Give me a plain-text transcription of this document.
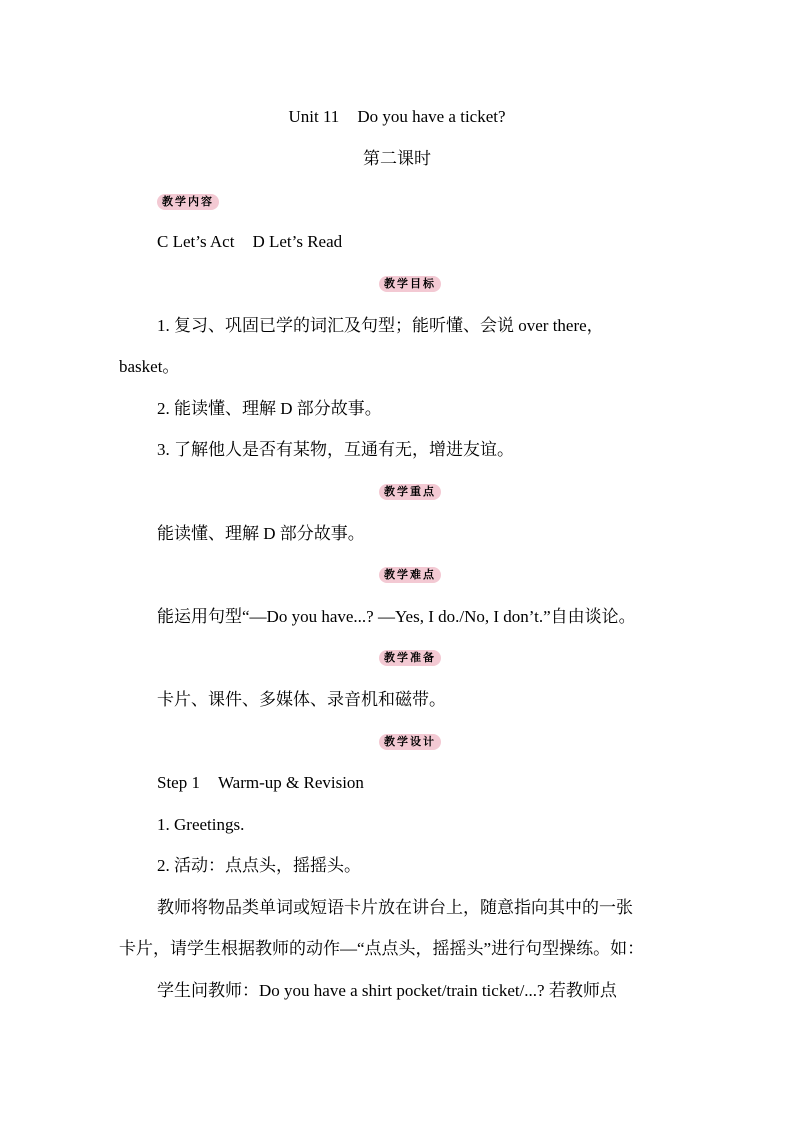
Unit 11 Do you have a ticket?
第二课时
教学内容
C Let’s Act D Let’s Read
教学目标
1. 复习、巩固已学的词汇及句型；能听懂、会说 over there，
basket。
2. 能读懂、理解 D 部分故事。
3. 了解他人是否有某物，互通有无，增进友谊。
教学重点
能读懂、理解 D 部分故事。
教学难点
能运用句型“—Do you have...? —Yes, I do./No, I don’t.”自由谈论。
教学准备
卡片、课件、多媒体、录音机和磁带。
教学设计
Step 1 Warm-up & Revision
1. Greetings.
2. 活动：点点头，摇摇头。
教师将物品类单词或短语卡片放在讲台上，随意指向其中的一张
卡片，请学生根据教师的动作—“点点头，摇摇头”进行句型操练。如：
学生问教师：Do you have a shirt pocket/train ticket/...? 若教师点
